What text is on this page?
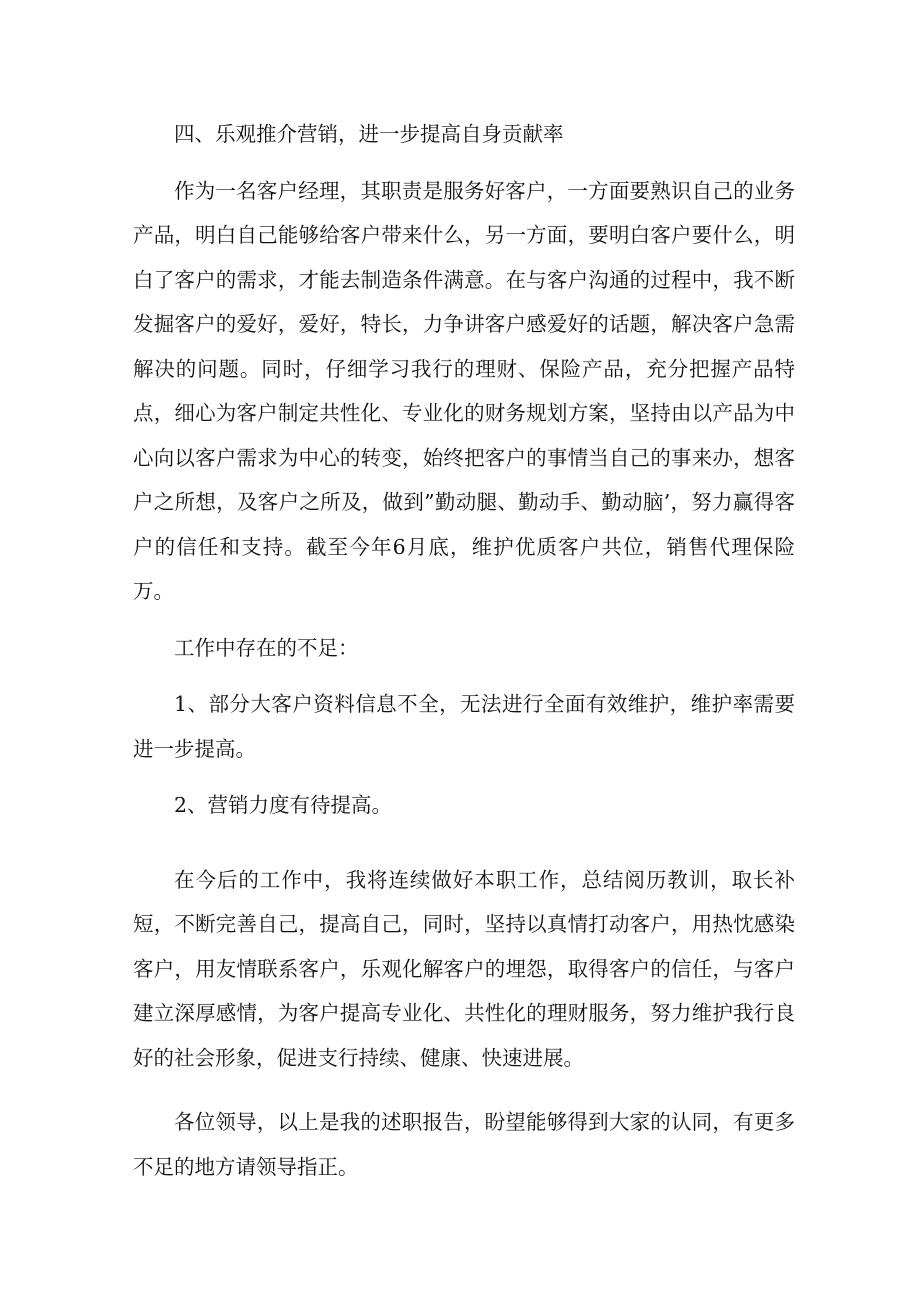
四、乐观推介营销，进一步提高自身贡献率

作为一名客户经理，其职责是服务好客户，一方面要熟识自己的业务产品，明白自己能够给客户带来什么，另一方面，要明白客户要什么，明白了客户的需求，才能去制造条件满意。在与客户沟通的过程中，我不断发掘客户的爱好，爱好，特长，力争讲客户感爱好的话题，解决客户急需解决的问题。同时，仔细学习我行的理财、保险产品，充分把握产品特点，细心为客户制定共性化、专业化的财务规划方案，坚持由以产品为中心向以客户需求为中心的转变，始终把客户的事情当自己的事来办，想客户之所想，及客户之所及，做到”勤动腿、勤动手、勤动脑’，努力赢得客户的信任和支持。截至今年6月底，维护优质客户共位，销售代理保险万。

工作中存在的不足：

1、部分大客户资料信息不全，无法进行全面有效维护，维护率需要进一步提高。

2、营销力度有待提高。

在今后的工作中，我将连续做好本职工作，总结阅历教训，取长补短，不断完善自己，提高自己，同时，坚持以真情打动客户，用热忱感染客户，用友情联系客户，乐观化解客户的埋怨，取得客户的信任，与客户建立深厚感情，为客户提高专业化、共性化的理财服务，努力维护我行良好的社会形象，促进支行持续、健康、快速进展。

各位领导，以上是我的述职报告，盼望能够得到大家的认同，有更多不足的地方请领导指正。
